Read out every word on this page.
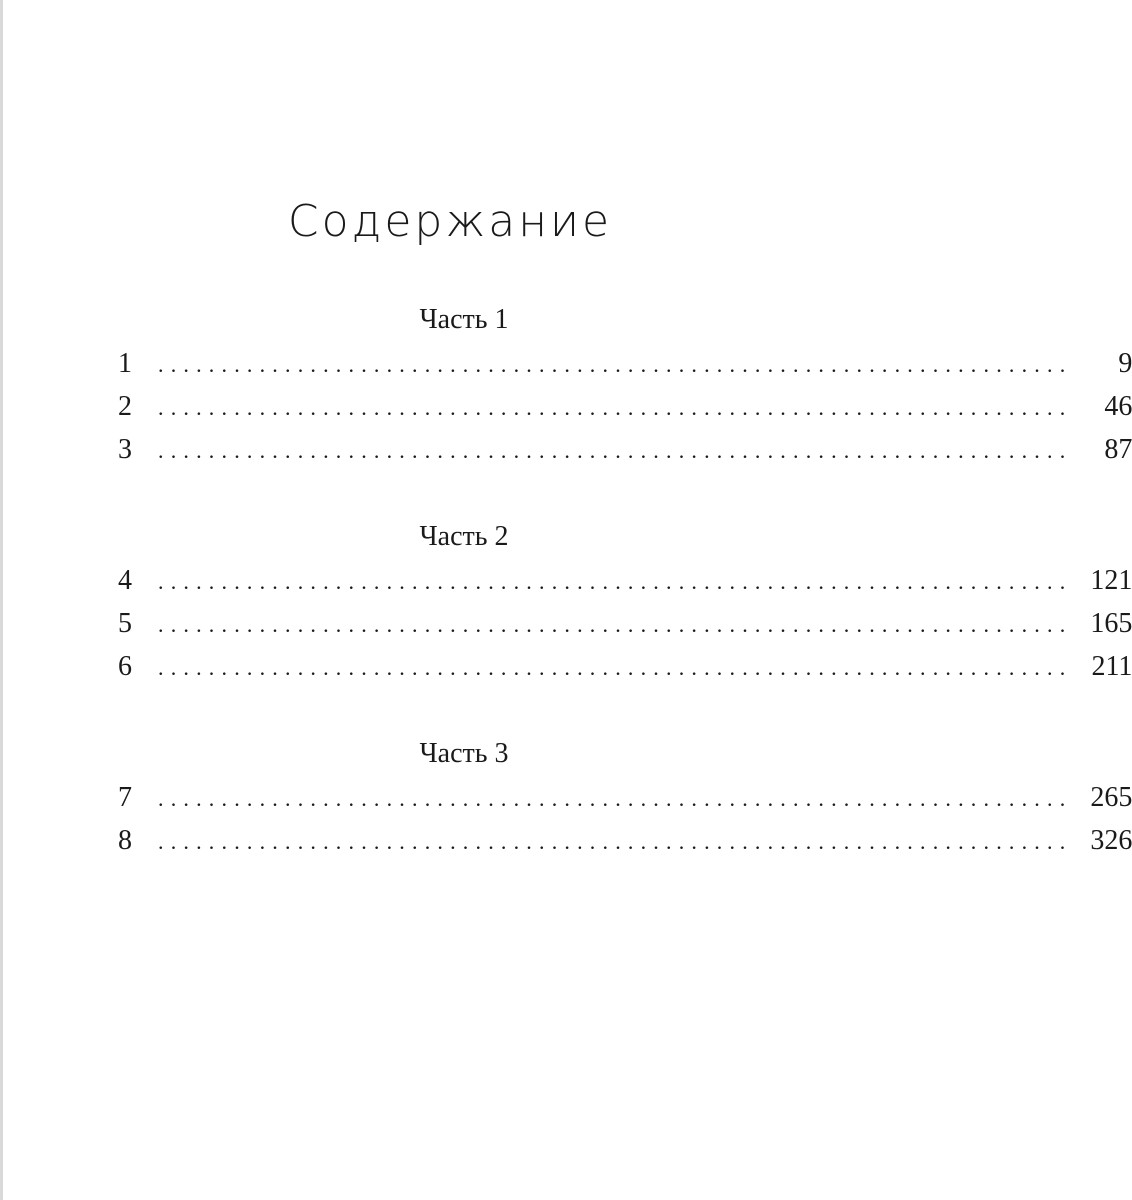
Содержание
Часть 1
1	........................................................................	9
2	........................................................................	46
3	........................................................................	87
Часть 2
4	........................................................................ 121
5	........................................................................ 165
6	........................................................................ 211
Часть 3
7	........................................................................ 265
8	........................................................................ 326
